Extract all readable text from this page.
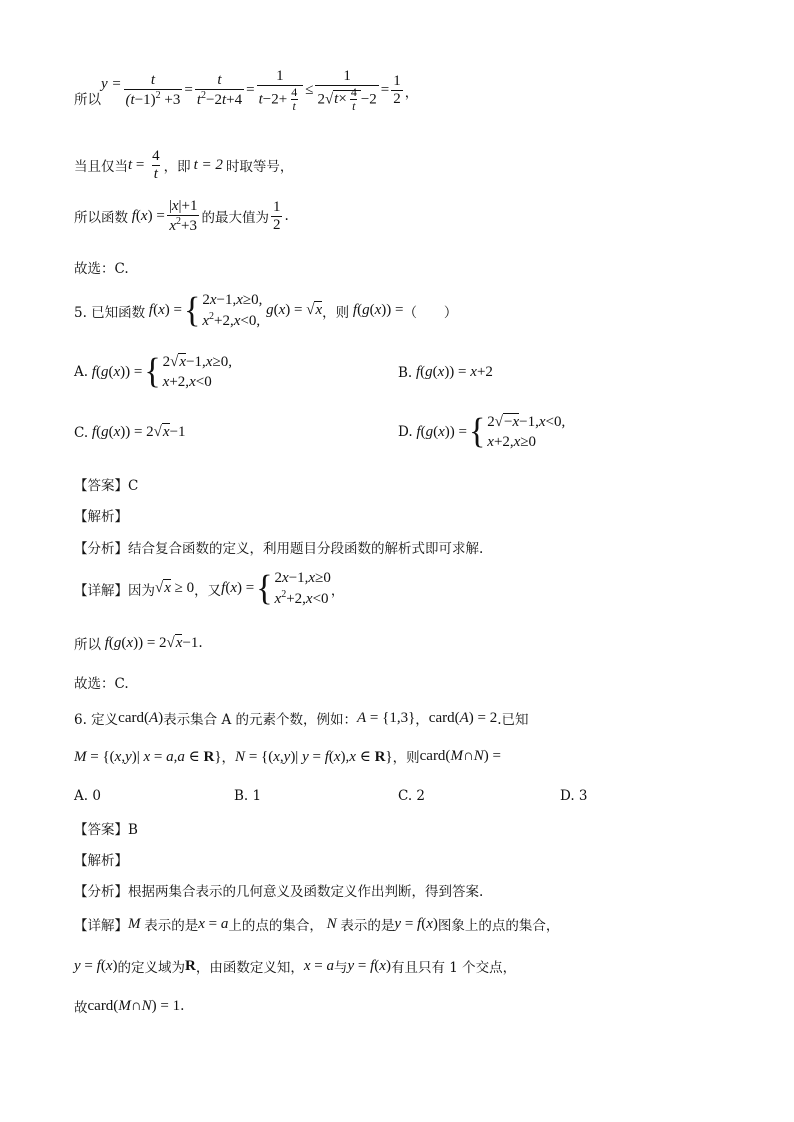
所以
$y = \frac{t}{(t-1)^2 +3} = \frac{t}{t^2-2t+4} = \frac{1}{t-2+ \frac{4}{t}} \le \frac{1}{2√t\times \frac{4}{t} -2} = \frac{1}{2}$ ，
当且仅当 $t = \frac{4}{t}$ ，即 t = 2 时取等号，
所以函数 f ( x ) = $\frac{|x|+1}{x^2+3}$ 的最大值为 $\frac{1}{2}$ .
故选：C.
5. 已知函数 f ( x ) = { 2x−1,x≥0,
$x^2+2,x<0$,
g(x) = √x ，则 f(g(x)) = （　　）
A. f ( g ( x )) = { 2√x−1,x≥0,
x+2,x<0
B. f(g(x)) = x+2
C. f(g(x)) = 2√x−1	D. f ( g ( x )) = { 2√−x−1,x<0,
x+2,x≥0
【答案】C
【解析】
【分析】结合复合函数的定义，利用题目分段函数的解析式即可求解.
【详解】因为 √x ≥ 0 ，又 f ( x ) = { 2x−1,x≥0
$x^2+2,x<0$
，
所以 f(g(x)) = 2√x−1 .
故选：C.
6. 定义 card(A) 表示集合 A 的元素个数，例如： A = {1,3} ， card(A) = 2 .已知
M = {(x,y)| x = a,a ∈ R} ， N = {(x,y)| y = f(x),x ∈ R} ，则 card(M∩N) =
A. 0	B. 1	C. 2	D. 3
【答案】B
【解析】
【分析】根据两集合表示的几何意义及函数定义作出判断，得到答案.
【详解】 M 表示的是 x = a 上的点的集合， N 表示的是 y = f(x) 图象上的点的集合，
y = f(x) 的定义域为 R ，由函数定义知， x = a 与 y = f(x) 有且只有 1 个交点，
故 card(M∩N) = 1 .
